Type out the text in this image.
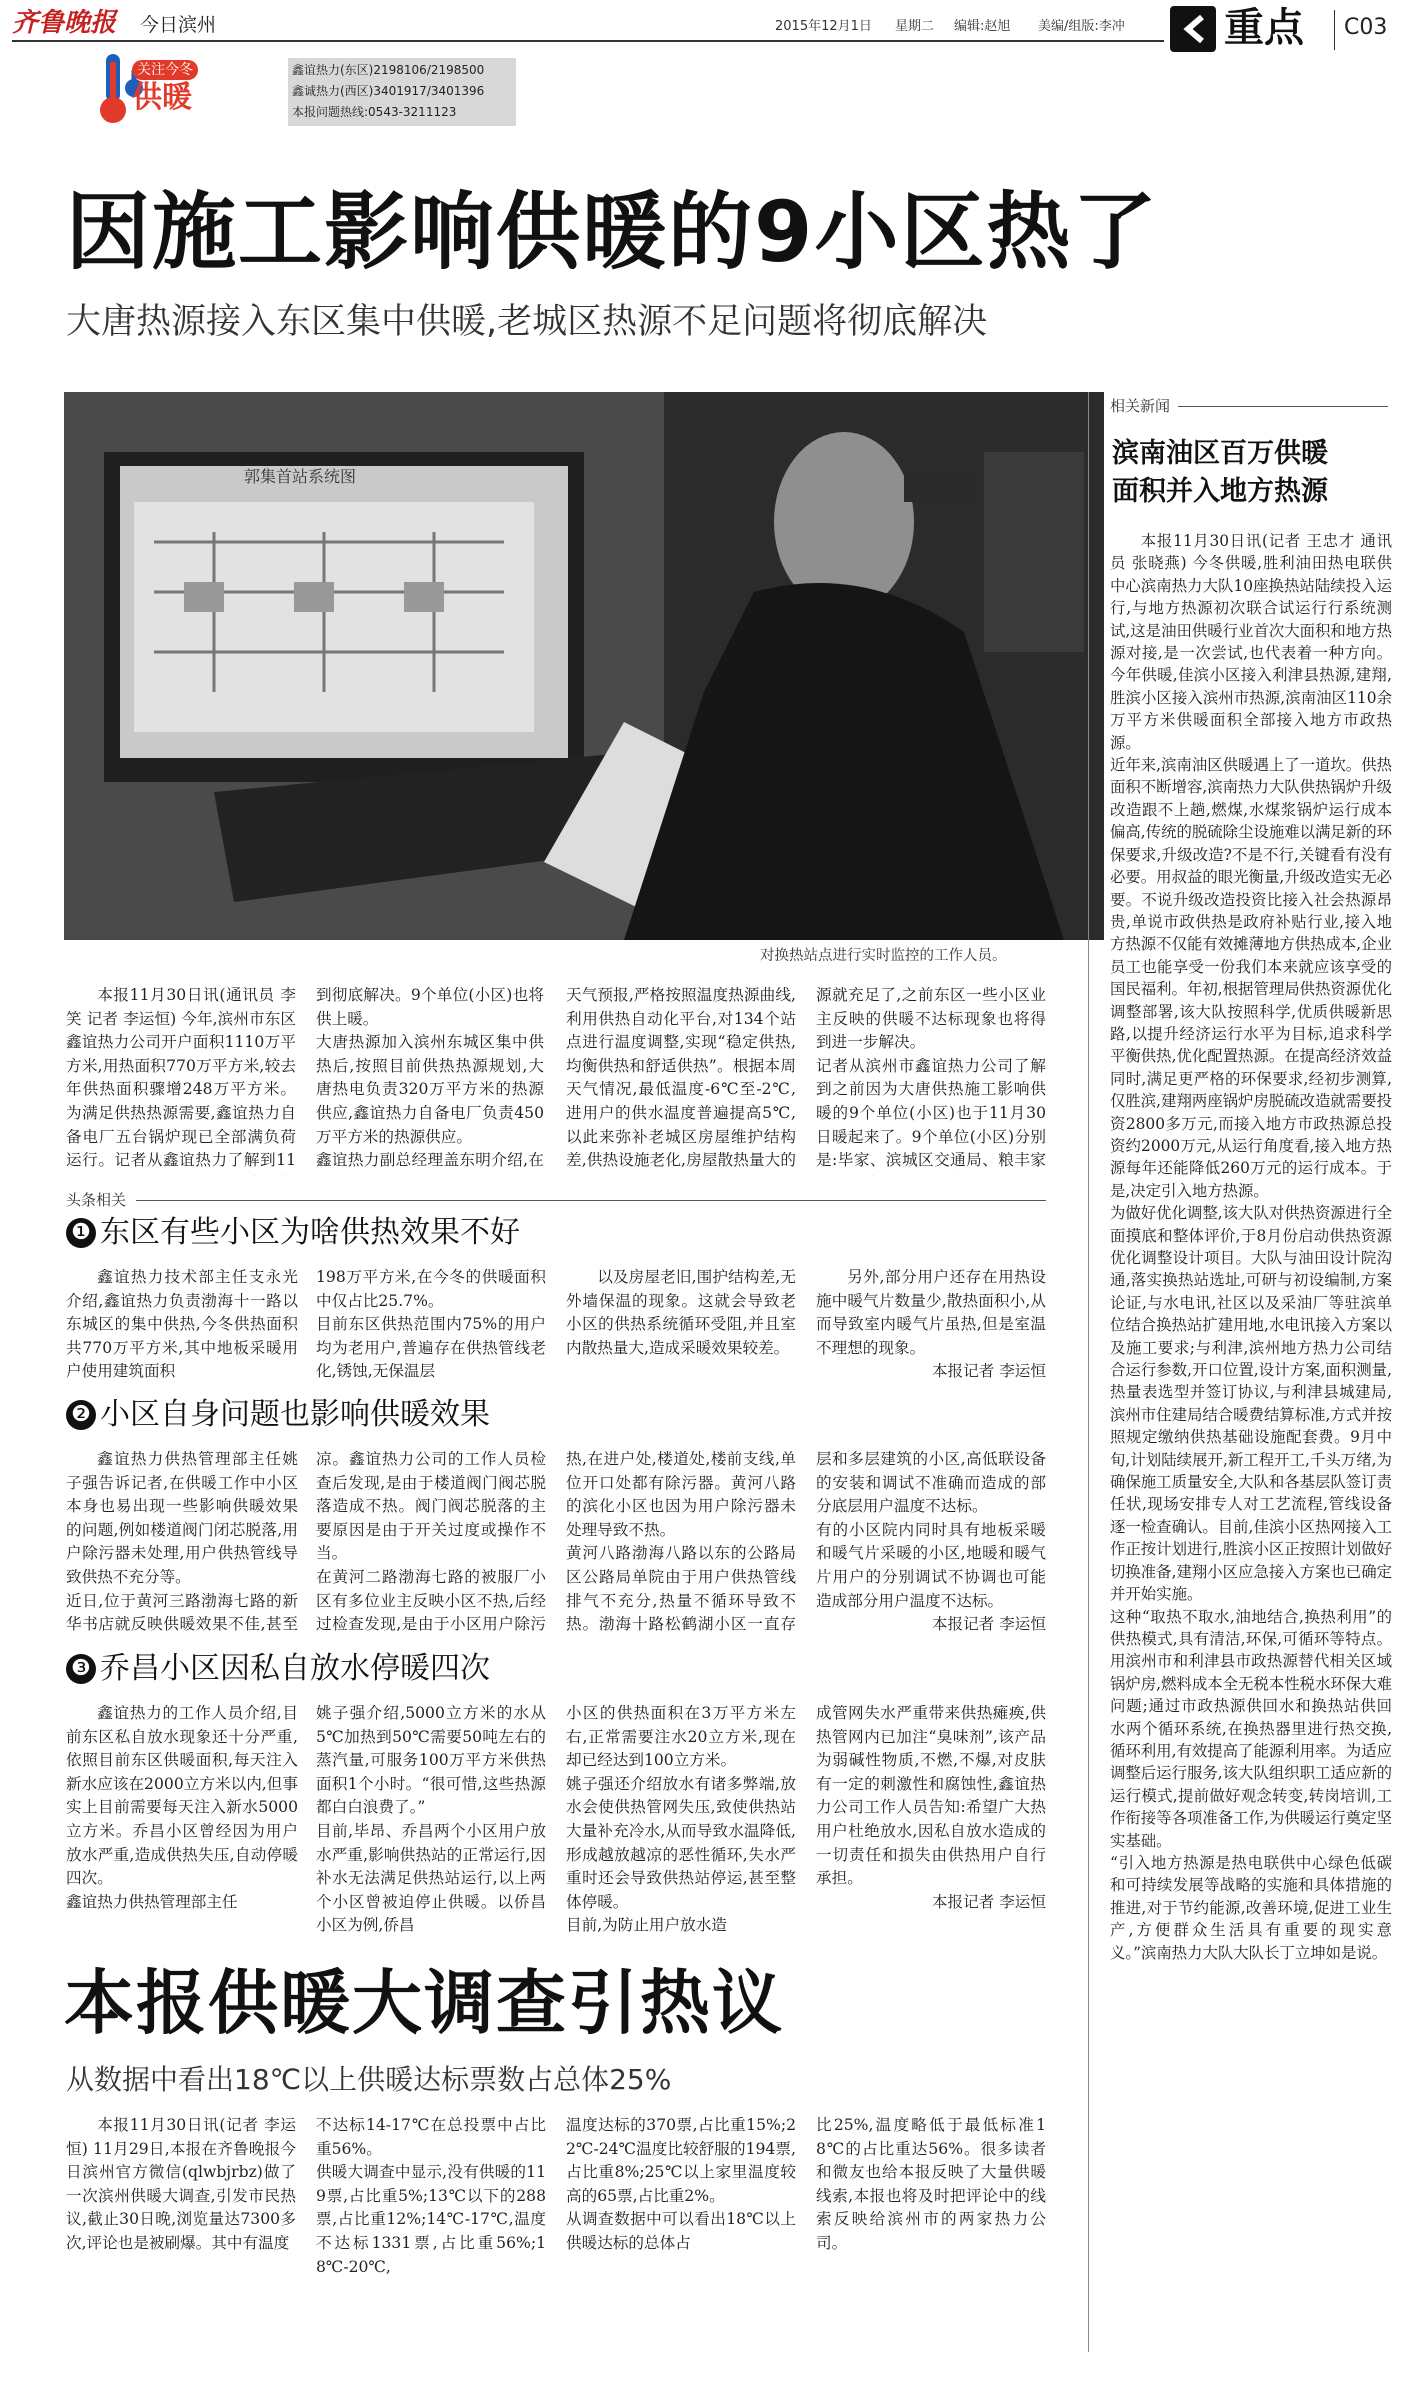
齐鲁晚报 今日滨州	2015年12月1日 星期二 编辑:赵旭 美编/组版:李冲 重点 C03
关注今冬
供暖
鑫谊热力(东区)2198106/2198500
鑫诚热力(西区)3401917/3401396
本报问题热线:0543-3211123
因施工影响供暖的9小区热了
大唐热源接入东区集中供暖,老城区热源不足问题将彻底解决
郭集首站系统图
对换热站点进行实时监控的工作人员。

本报11月30日讯(通讯员 李笑 记者 李运恒) 今年,滨州市东区鑫谊热力公司开户面积1110万平方米,用热面积770万平方米,较去年供热面积骤增248万平方米。为满足供热热源需要,鑫谊热力自备电厂五台锅炉现已全部满负荷运行。记者从鑫谊热力了解到11

到彻底解决。9个单位(小区)也将供上暖。
大唐热源加入滨州东城区集中供热后,按照目前供热热源规划,大唐热电负责320万平方米的热源供应,鑫谊热力自备电厂负责450万平方米的热源供应。
鑫谊热力副总经理盖东明介绍,在

天气预报,严格按照温度热源曲线,利用供热自动化平台,对134个站点进行温度调整,实现“稳定供热,均衡供热和舒适供热”。根据本周天气情况,最低温度-6℃至-2℃,进用户的供水温度普遍提高5℃,以此来弥补老城区房屋维护结构差,供热设施老化,房屋散热量大的

源就充足了,之前东区一些小区业主反映的供暖不达标现象也将得到进一步解决。
记者从滨州市鑫谊热力公司了解到之前因为大唐供热施工影响供暖的9个单位(小区)也于11月30日暖起来了。9个单位(小区)分别是:毕家、滨城区交通局、粮丰家

头条相关
❶ 东区有些小区为啥供热效果不好

鑫谊热力技术部主任支永光介绍,鑫谊热力负责渤海十一路以东城区的集中供热,今冬供热面积共770万平方米,其中地板采暖用户使用建筑面积

198万平方米,在今冬的供暖面积中仅占比25.7%。
目前东区供热范围内75%的用户均为老用户,普遍存在供热管线老化,锈蚀,无保温层

以及房屋老旧,围护结构差,无外墙保温的现象。这就会导致老小区的供热系统循环受阻,并且室内散热量大,造成采暖效果较差。

另外,部分用户还存在用热设施中暖气片数量少,散热面积小,从而导致室内暖气片虽热,但是室温不理想的现象。

本报记者 李运恒

❷ 小区自身问题也影响供暖效果

鑫谊热力供热管理部主任姚子强告诉记者,在供暖工作中小区本身也易出现一些影响供暖效果的问题,例如楼道阀门闭芯脱落,用户除污器未处理,用户供热管线导致供热不充分等。
近日,位于黄河三路渤海七路的新华书店就反映供暖效果不佳,甚至

凉。鑫谊热力公司的工作人员检查后发现,是由于楼道阀门阀芯脱落造成不热。阀门阀芯脱落的主要原因是由于开关过度或操作不当。
在黄河二路渤海七路的被服厂小区有多位业主反映小区不热,后经过检查发现,是由于小区用户除污

热,在进户处,楼道处,楼前支线,单位开口处都有除污器。黄河八路的滨化小区也因为用户除污器未处理导致不热。
黄河八路渤海八路以东的公路局区公路局单院由于用户供热管线排气不充分,热量不循环导致不热。渤海十路松鹤湖小区一直存

层和多层建筑的小区,高低联设备的安装和调试不准确而造成的部分底层用户温度不达标。
有的小区院内同时具有地板采暖和暖气片采暖的小区,地暖和暖气片用户的分别调试不协调也可能造成部分用户温度不达标。

本报记者 李运恒

❸ 乔昌小区因私自放水停暖四次

鑫谊热力的工作人员介绍,目前东区私自放水现象还十分严重,依照目前东区供暖面积,每天注入新水应该在2000立方米以内,但事实上目前需要每天注入新水5000立方米。乔昌小区曾经因为用户放水严重,造成供热失压,自动停暖四次。
鑫谊热力供热管理部主任

姚子强介绍,5000立方米的水从5℃加热到50℃需要50吨左右的蒸汽量,可服务100万平方米供热面积1个小时。“很可惜,这些热源都白白浪费了。”
目前,毕昂、乔昌两个小区用户放水严重,影响供热站的正常运行,因补水无法满足供热站运行,以上两个小区曾被迫停止供暖。以侨昌小区为例,侨昌

小区的供热面积在3万平方米左右,正常需要注水20立方米,现在却已经达到100立方米。
姚子强还介绍放水有诸多弊端,放水会使供热管网失压,致使供热站大量补充冷水,从而导致水温降低,形成越放越凉的恶性循环,失水严重时还会导致供热站停运,甚至整体停暖。
目前,为防止用户放水造

成管网失水严重带来供热瘫痪,供热管网内已加注“臭味剂”,该产品为弱碱性物质,不燃,不爆,对皮肤有一定的刺激性和腐蚀性,鑫谊热力公司工作人员告知:希望广大热用户杜绝放水,因私自放水造成的一切责任和损失由供热用户自行承担。

本报记者 李运恒

本报供暖大调查引热议
从数据中看出18℃以上供暖达标票数占总体25%

本报11月30日讯(记者 李运恒) 11月29日,本报在齐鲁晚报今日滨州官方微信(qlwbjrbz)做了一次滨州供暖大调查,引发市民热议,截止30日晚,浏览量达7300多次,评论也是被刷爆。其中有温度

不达标14-17℃在总投票中占比重56%。
供暖大调查中显示,没有供暖的119票,占比重5%;13℃以下的288票,占比重12%;14℃-17℃,温度不达标1331票,占比重56%;18℃-20℃,

温度达标的370票,占比重15%;22℃-24℃温度比较舒服的194票,占比重8%;25℃以上家里温度较高的65票,占比重2%。
从调查数据中可以看出18℃以上供暖达标的总体占

比25%,温度略低于最低标准18℃的占比重达56%。很多读者和微友也给本报反映了大量供暖线索,本报也将及时把评论中的线索反映给滨州市的两家热力公司。

相关新闻
滨南油区百万供暖
面积并入地方热源

本报11月30日讯(记者 王忠才 通讯员 张晓燕) 今冬供暖,胜利油田热电联供中心滨南热力大队10座换热站陆续投入运行,与地方热源初次联合试运行行系统测试,这是油田供暖行业首次大面积和地方热源对接,是一次尝试,也代表着一种方向。今年供暖,佳滨小区接入利津县热源,建翔,胜滨小区接入滨州市热源,滨南油区110余万平方米供暖面积全部接入地方市政热源。
近年来,滨南油区供暖遇上了一道坎。供热面积不断增容,滨南热力大队供热锅炉升级改造跟不上趟,燃煤,水煤浆锅炉运行成本偏高,传统的脱硫除尘设施难以满足新的环保要求,升级改造?不是不行,关键看有没有必要。用叔益的眼光衡量,升级改造实无必要。不说升级改造投资比接入社会热源昂贵,单说市政供热是政府补贴行业,接入地方热源不仅能有效摊薄地方供热成本,企业员工也能享受一份我们本来就应该享受的国民福利。年初,根据管理局供热资源优化调整部署,该大队按照科学,优质供暖新思路,以提升经济运行水平为目标,追求科学平衡供热,优化配置热源。在提高经济效益同时,满足更严格的环保要求,经初步测算,仅胜滨,建翔两座锅炉房脱硫改造就需要投资2800多万元,而接入地方市政热源总投资约2000万元,从运行角度看,接入地方热源每年还能降低260万元的运行成本。于是,决定引入地方热源。
为做好优化调整,该大队对供热资源进行全面摸底和整体评价,于8月份启动供热资源优化调整设计项目。大队与油田设计院沟通,落实换热站选址,可研与初设编制,方案论证,与水电讯,社区以及采油厂等驻滨单位结合换热站扩建用地,水电讯接入方案以及施工要求;与利津,滨州地方热力公司结合运行参数,开口位置,设计方案,面积测量,热量表选型并签订协议,与利津县城建局,滨州市住建局结合暖费结算标准,方式并按照规定缴纳供热基础设施配套费。9月中旬,计划陆续展开,新工程开工,千头万绪,为确保施工质量安全,大队和各基层队签订责任状,现场安排专人对工艺流程,管线设备逐一检查确认。目前,佳滨小区热网接入工作正按计划进行,胜滨小区正按照计划做好切换准备,建翔小区应急接入方案也已确定并开始实施。
这种“取热不取水,油地结合,换热利用”的供热模式,具有清洁,环保,可循环等特点。用滨州市和利津县市政热源替代相关区域锅炉房,燃料成本全无税本性税水环保大难问题;通过市政热源供回水和换热站供回水两个循环系统,在换热器里进行热交换,循环利用,有效提高了能源利用率。为适应调整后运行服务,该大队组织职工适应新的运行模式,提前做好观念转变,转岗培训,工作衔接等各项准备工作,为供暖运行奠定坚实基础。
“引入地方热源是热电联供中心绿色低碳和可持续发展等战略的实施和具体措施的推进,对于节约能源,改善环境,促进工业生产,方便群众生活具有重要的现实意义。”滨南热力大队大队长丁立坤如是说。
